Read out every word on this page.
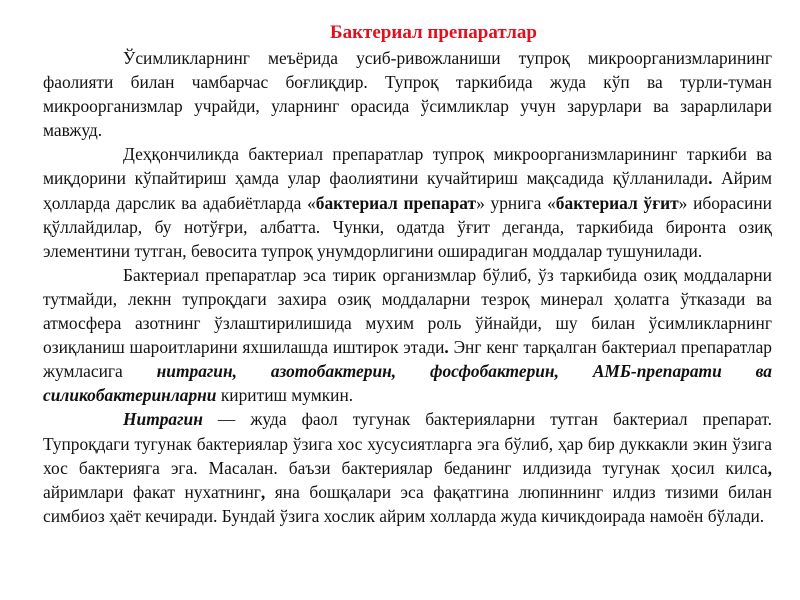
Бактериал препаратлар

Ўсимликларнинг меъёрида усиб-ривожланиши тупроқ микроорганизмларининг фаолияти билан чамбарчас боғлиқдир. Тупроқ таркибида жуда кўп ва турли-туман микроорганизмлар учрайди, уларнинг орасида ўсимликлар учун зарурлари ва зарарлилари мавжуд.

Деҳқончиликда бактериал препаратлар тупроқ микроорганизмларининг таркиби ва миқдорини кўпайтириш ҳамда улар фаолиятини кучайтириш мақсадида қўлланилади. Айрим ҳолларда дарслик ва адабиётларда «бактериал препарат» урнига «бактериал ўғит» иборасини қўллайдилар, бу нотўғри, албатта. Чунки, одатда ўғит деганда, таркибида биронта озиқ элементини тутган, бевосита тупроқ унумдорлигини оширадиган моддалар тушунилади.

Бактериал препаратлар эса тирик организмлар бўлиб, ўз таркибида озиқ моддаларни тутмайди, лекнн тупроқдаги захира озиқ моддаларни тезроқ минерал ҳолатга ўтказади ва атмосфера азотнинг ўзлаштирилишида мухим роль ўйнайди, шу билан ўсимликларнинг озиқланиш шароитларини яхшилашда иштирок этади. Энг кенг тарқалган бактериал препаратлар жумласига нитрагин, азотобактерин, фосфобактерин, АМБ-препарати ва силикобактеринларни киритиш мумкин.

Нитрагин — жуда фаол тугунак бактерияларни тутган бактериал препарат. Тупроқдаги тугунак бактериялар ўзига хос хусусиятларга эга бўлиб, ҳар бир дуккакли экин ўзига хос бактерияга эга. Масалан. баъзи бактериялар беданинг илдизида тугунак ҳосил килса, айримлари факат нухатнинг, яна бошқалари эса фақатгина люпиннинг илдиз тизими билан симбиоз ҳаёт кечиради. Бундай ўзига хослик айрим холларда жуда кичикдоирада намоён бўлади.
